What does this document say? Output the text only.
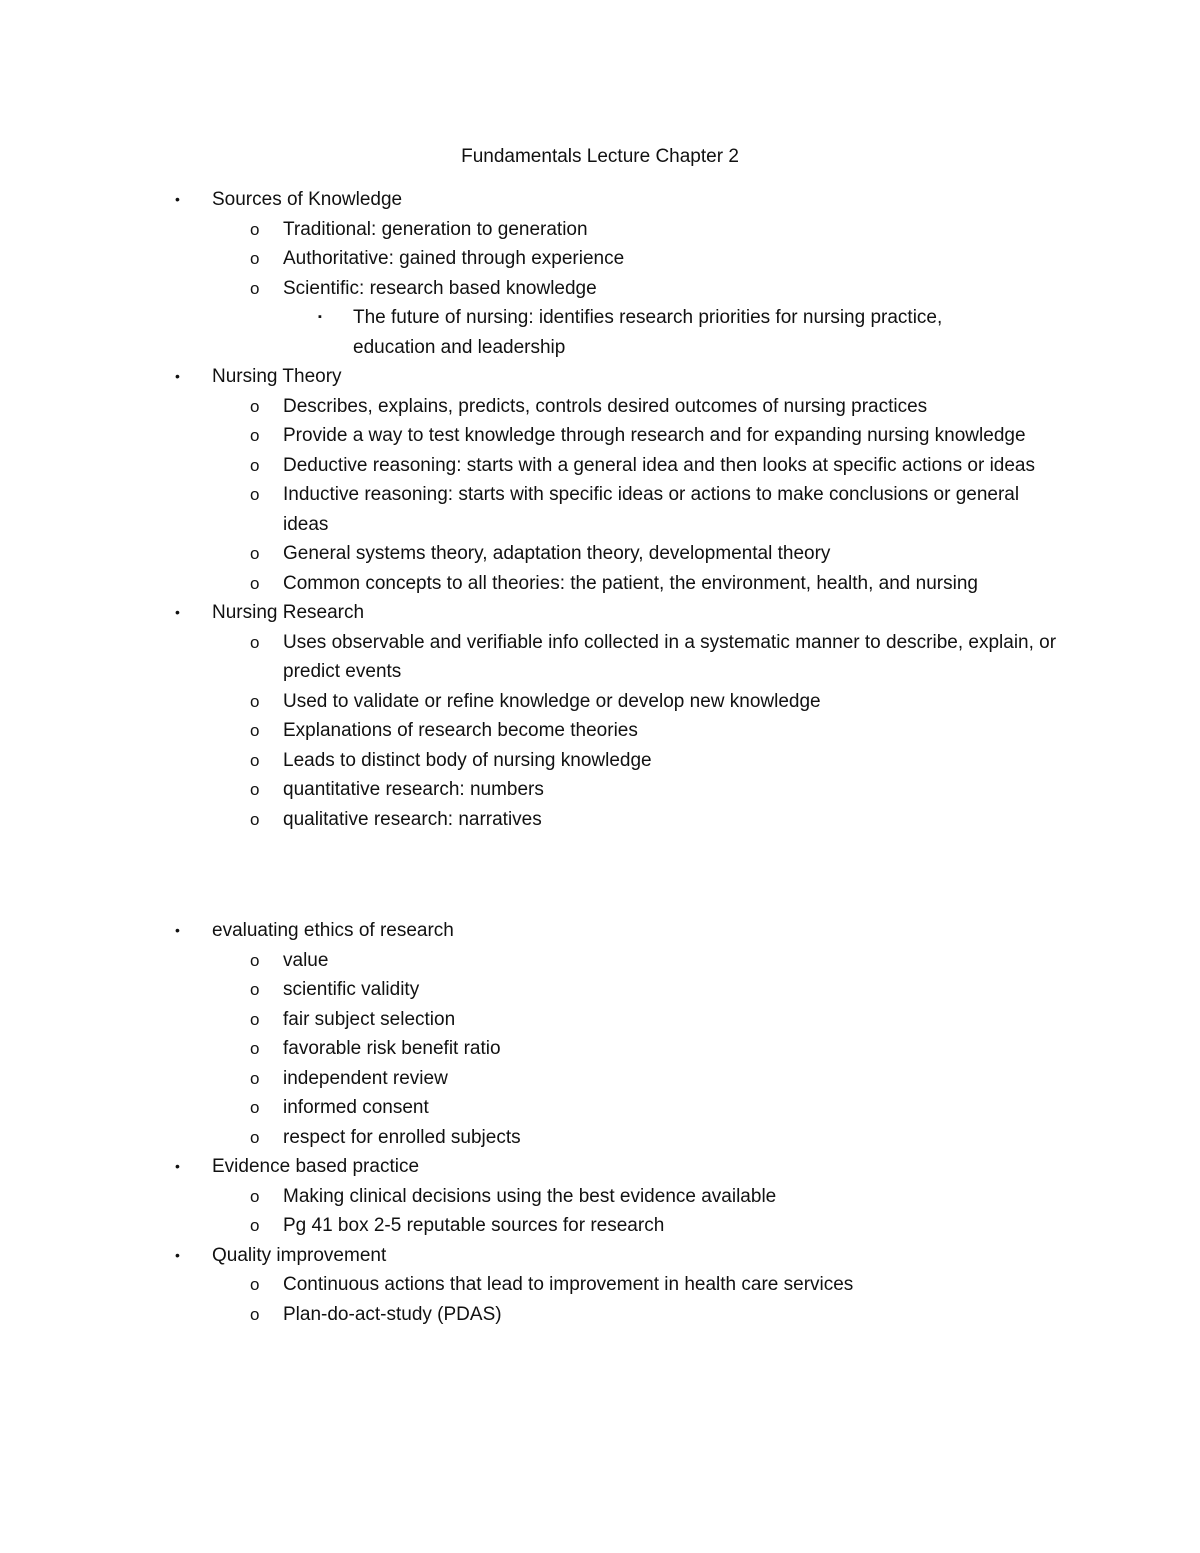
Fundamentals Lecture Chapter 2
• Sources of Knowledge
o Traditional: generation to generation
o Authoritative: gained through experience
o Scientific: research based knowledge
▪ The future of nursing: identifies research priorities for nursing practice, education and leadership
• Nursing Theory
o Describes, explains, predicts, controls desired outcomes of nursing practices
o Provide a way to test knowledge through research and for expanding nursing knowledge
o Deductive reasoning: starts with a general idea and then looks at specific actions or ideas
o Inductive reasoning: starts with specific ideas or actions to make conclusions or general ideas
o General systems theory, adaptation theory, developmental theory
o Common concepts to all theories: the patient, the environment, health, and nursing
• Nursing Research
o Uses observable and verifiable info collected in a systematic manner to describe, explain, or predict events
o Used to validate or refine knowledge or develop new knowledge
o Explanations of research become theories
o Leads to distinct body of nursing knowledge
o quantitative research: numbers
o qualitative research: narratives
• evaluating ethics of research
o value
o scientific validity
o fair subject selection
o favorable risk benefit ratio
o independent review
o informed consent
o respect for enrolled subjects
• Evidence based practice
o Making clinical decisions using the best evidence available
o Pg 41 box 2-5 reputable sources for research
• Quality improvement
o Continuous actions that lead to improvement in health care services
o Plan-do-act-study (PDAS)
